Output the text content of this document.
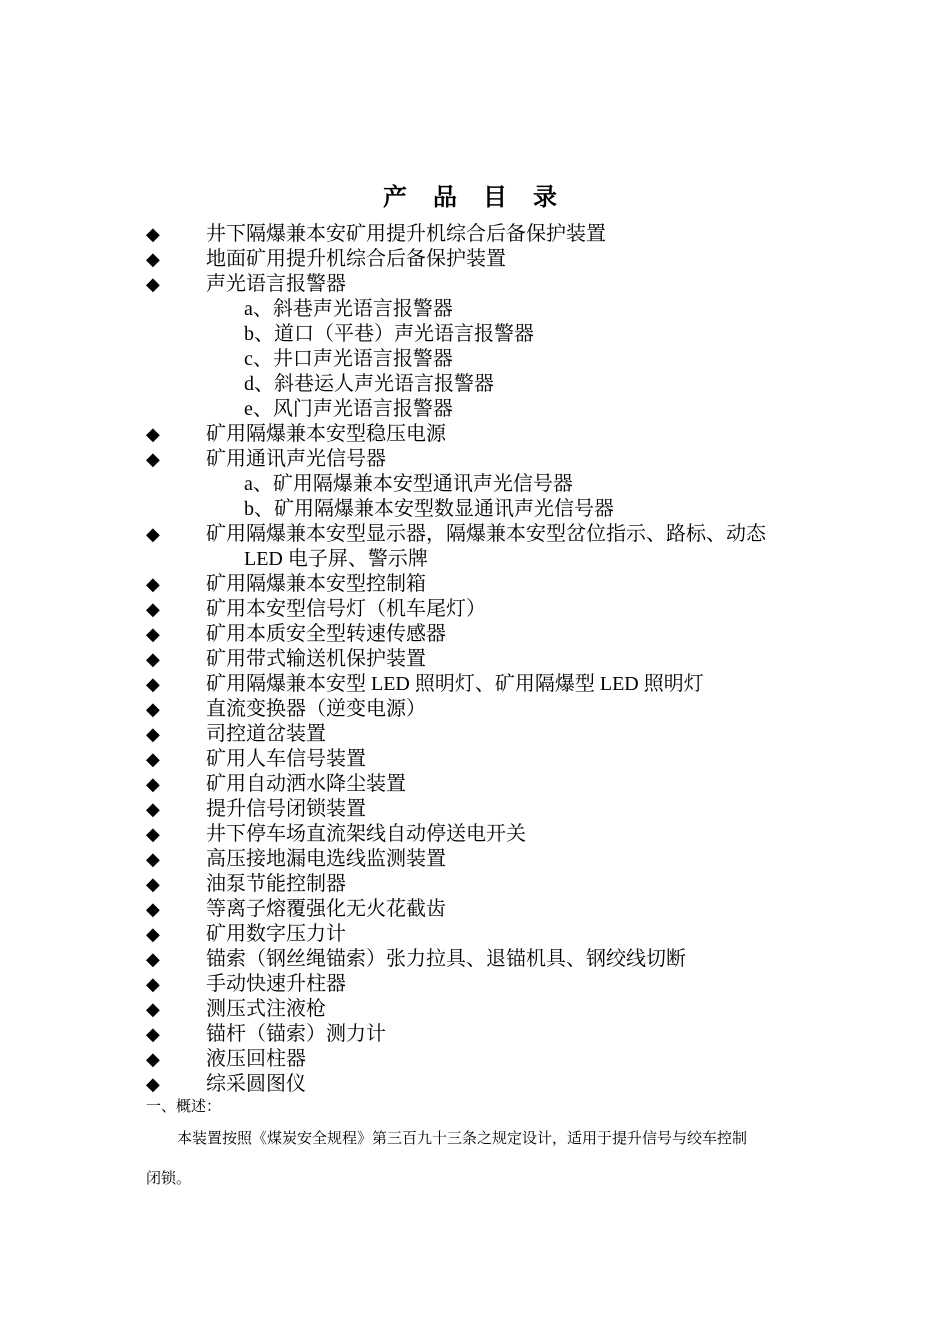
产 品 目 录
◆ 井下隔爆兼本安矿用提升机综合后备保护装置
◆ 地面矿用提升机综合后备保护装置
◆ 声光语言报警器
a、斜巷声光语言报警器
b、道口（平巷）声光语言报警器
c、井口声光语言报警器
d、斜巷运人声光语言报警器
e、风门声光语言报警器
◆ 矿用隔爆兼本安型稳压电源
◆ 矿用通讯声光信号器
a、矿用隔爆兼本安型通讯声光信号器
b、矿用隔爆兼本安型数显通讯声光信号器
◆ 矿用隔爆兼本安型显示器，隔爆兼本安型岔位指示、路标、动态
LED 电子屏、警示牌
◆ 矿用隔爆兼本安型控制箱
◆ 矿用本安型信号灯（机车尾灯）
◆ 矿用本质安全型转速传感器
◆ 矿用带式输送机保护装置
◆ 矿用隔爆兼本安型 LED 照明灯、矿用隔爆型 LED 照明灯
◆ 直流变换器（逆变电源）
◆ 司控道岔装置
◆ 矿用人车信号装置
◆ 矿用自动洒水降尘装置
◆ 提升信号闭锁装置
◆ 井下停车场直流架线自动停送电开关
◆ 高压接地漏电选线监测装置
◆ 油泵节能控制器
◆ 等离子熔覆强化无火花截齿
◆ 矿用数字压力计
◆ 锚索（钢丝绳锚索）张力拉具、退锚机具、钢绞线切断
◆ 手动快速升柱器
◆ 测压式注液枪
◆ 锚杆（锚索）测力计
◆ 液压回柱器
◆ 综采圆图仪
一、概述：
本装置按照《煤炭安全规程》第三百九十三条之规定设计，适用于提升信号与绞车控制
闭锁。
